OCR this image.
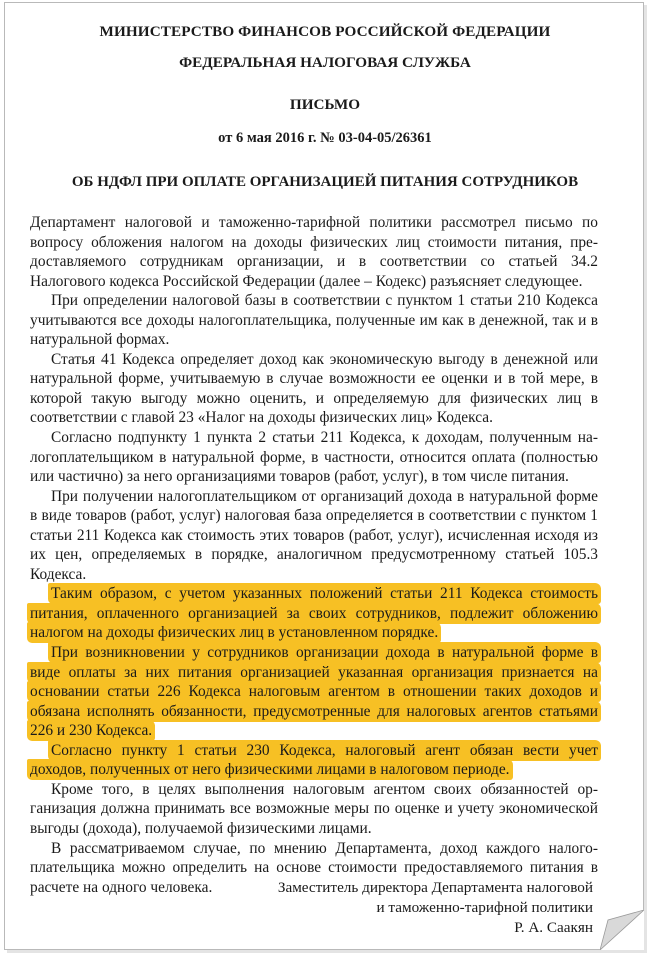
МИНИСТЕРСТВО ФИНАНСОВ РОССИЙСКОЙ ФЕДЕРАЦИИ
ФЕДЕРАЛЬНАЯ НАЛОГОВАЯ СЛУЖБА
ПИСЬМО
от 6 мая 2016 г. № 03-04-05/26361
ОБ НДФЛ ПРИ ОПЛАТЕ ОРГАНИЗАЦИЕЙ ПИТАНИЯ СОТРУДНИКОВ

Департамент налоговой и таможенно-тарифной политики рассмотрел письмо по вопросу обложения налогом на доходы физических лиц стоимости питания, предоставляемого сотрудникам организации, и в соответствии со статьей 34.2 Налогового кодекса Российской Федерации (далее – Кодекс) разъясняет следующее.

При определении налоговой базы в соответствии с пунктом 1 статьи 210 Кодекса учитываются все доходы налогоплательщика, полученные им как в денежной, так и в натуральной формах.

Статья 41 Кодекса определяет доход как экономическую выгоду в денежной или натуральной форме, учитываемую в случае возможности ее оценки и в той мере, в которой такую выгоду можно оценить, и определяемую для физических лиц в соответствии с главой 23 «Налог на доходы физических лиц» Кодекса.

Согласно подпункту 1 пункта 2 статьи 211 Кодекса, к доходам, полученным налогоплательщиком в натуральной форме, в частности, относится оплата (полностью или частично) за него организациями товаров (работ, услуг), в том числе питания.

При получении налогоплательщиком от организаций дохода в натуральной форме в виде товаров (работ, услуг) налоговая база определяется в соответствии с пунктом 1 статьи 211 Кодекса как стоимость этих товаров (работ, услуг), исчисленная исходя из их цен, определяемых в порядке, аналогичном предусмотренному статьей 105.3 Кодекса.

Таким образом, с учетом указанных положений статьи 211 Кодекса стоимость питания, оплаченного организацией за своих сотрудников, подлежит обложению налогом на доходы физических лиц в установленном порядке.

При возникновении у сотрудников организации дохода в натуральной форме в виде оплаты за них питания организацией указанная организация признается на основании статьи 226 Кодекса налоговым агентом в отношении таких доходов и обязана исполнять обязанности, предусмотренные для налоговых агентов статьями 226 и 230 Кодекса.

Согласно пункту 1 статьи 230 Кодекса, налоговый агент обязан вести учет доходов, полученных от него физическими лицами в налоговом периоде.

Кроме того, в целях выполнения налоговым агентом своих обязанностей организация должна принимать все возможные меры по оценке и учету экономической выгоды (дохода), получаемой физическими лицами.

В рассматриваемом случае, по мнению Департамента, доход каждого налогоплательщика можно определить на основе стоимости предоставляемого питания в расчете на одного человека.	Заместитель директора Департамента налоговой
и таможенно-тарифной политики
Р. А. Саакян
